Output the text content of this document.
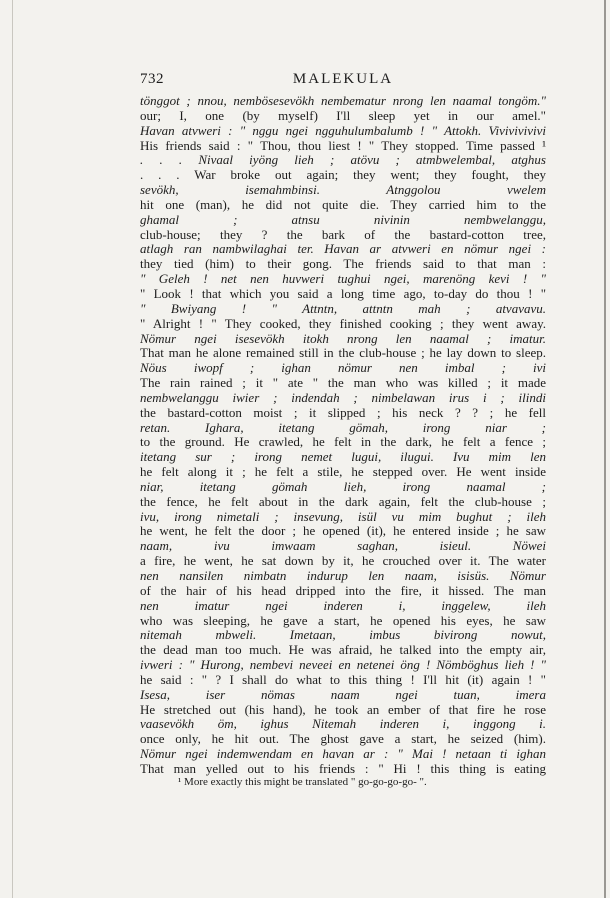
MALEKULA
732
tönggot ; nnou, nembösesevökh nembematur nrong len naamal tongöm."
our; I, one (by myself) I'll sleep yet in our amel."
Havan atvweri : " nggu ngei ngguhulumbalumb ! " Attokh. Vivivivivivi
His friends said : " Thou, thou liest ! " They stopped. Time passed ¹
. . . Nivaal iyöng lieh ; atövu ; atmbwelembal, atghus
. . . War broke out again; they went; they fought, they
sevökh, isemahmbinsi. Atnggolou vwelem
hit one (man), he did not quite die. They carried him to the
ghamal ; atnsu nivinin nembwelanggu,
club-house; they ? the bark of the bastard-cotton tree,
atlagh ran nambwilaghai ter. Havan ar atvweri en nömur ngei :
they tied (him) to their gong. The friends said to that man :
" Geleh ! net nen huvweri tughui ngei, marenöng kevi ! "
" Look ! that which you said a long time ago, to-day do thou ! "
" Bwiyang ! " Attntn, attntn mah ; atvavavu.
" Alright ! " They cooked, they finished cooking ; they went away.
Nömur ngei isesevökh itokh nrong len naamal ; imatur.
That man he alone remained still in the club-house ; he lay down to sleep.
Nöus iwopf ; ighan nömur nen imbal ; ivi
The rain rained ; it " ate " the man who was killed ; it made
nembwelanggu iwier ; indendah ; nimbelawan irus i ; ilindi
the bastard-cotton moist ; it slipped ; his neck ? ? ; he fell
retan. Ighara, itetang gömah, irong niar ;
to the ground. He crawled, he felt in the dark, he felt a fence ;
itetang sur ; irong nemet lugui, ilugui. Ivu mim len
he felt along it ; he felt a stile, he stepped over. He went inside
niar, itetang gömah lieh, irong naamal ;
the fence, he felt about in the dark again, felt the club-house ;
ivu, irong nimetali ; insevung, isül vu mim bughut ; ileh
he went, he felt the door ; he opened (it), he entered inside ; he saw
naam, ivu imwaam saghan, isieul. Nöwei
a fire, he went, he sat down by it, he crouched over it. The water
nen nansilen nimbatn indurup len naam, isisüs. Nömur
of the hair of his head dripped into the fire, it hissed. The man
nen imatur ngei inderen i, inggelew, ileh
who was sleeping, he gave a start, he opened his eyes, he saw
nitemah mbweli. Imetaan, imbus bivirong nowut,
the dead man too much. He was afraid, he talked into the empty air,
ivweri : " Hurong, nembevi neveei en netenei öng ! Nömböghus lieh ! "
he said : " ? I shall do what to this thing ! I'll hit (it) again ! "
Isesa, iser nömas naam ngei tuan, imera
He stretched out (his hand), he took an ember of that fire he rose
vaasevökh öm, ighus Nitemah inderen i, inggong i.
once only, he hit out. The ghost gave a start, he seized (him).
Nömur ngei indemwendam en havan ar : " Mai ! netaan ti ighan
That man yelled out to his friends : " Hi ! this thing is eating
¹ More exactly this might be translated " go-go-go-go- ".
